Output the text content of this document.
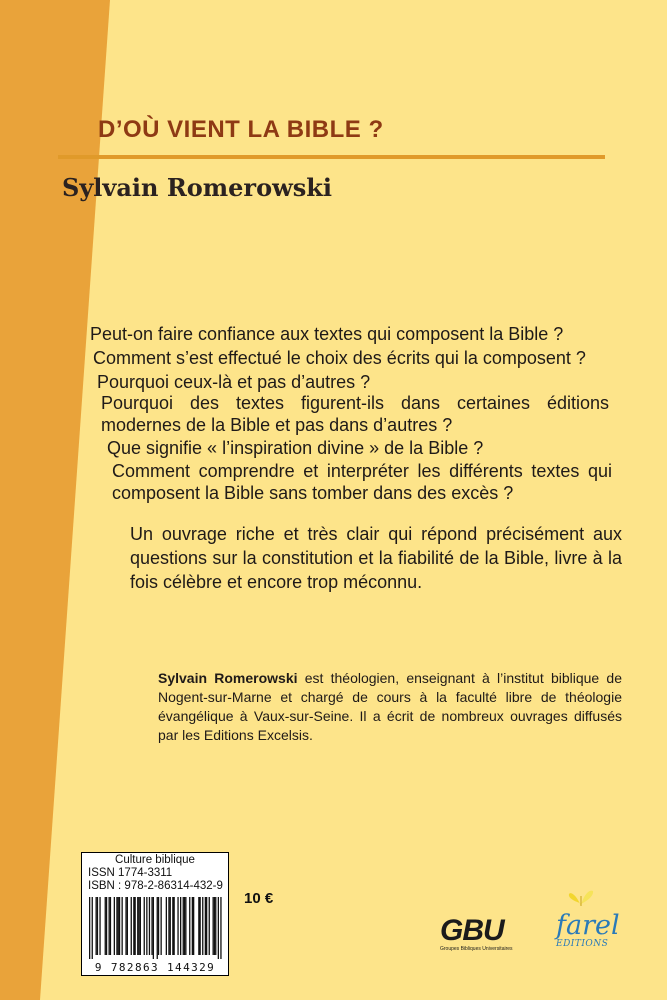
D’OÙ VIENT LA BIBLE ?
Sylvain Romerowski

Peut-on faire confiance aux textes qui composent la Bible ?

Comment s’est effectué le choix des écrits qui la composent ?

Pourquoi ceux-là et pas d’autres ?

Pourquoi des textes figurent-ils dans certaines éditions modernes de la Bible et pas dans d’autres ?

Que signifie « l’inspiration divine » de la Bible ?

Comment comprendre et interpréter les différents textes qui composent la Bible sans tomber dans des excès ?

Un ouvrage riche et très clair qui répond précisément aux questions sur la constitution et la fiabilité de la Bible, livre à la fois célèbre et encore trop méconnu.

Sylvain Romerowski est théologien, enseignant à l’institut biblique de Nogent-sur-Marne et chargé de cours à la faculté libre de théologie évangélique à Vaux-sur-Seine. Il a écrit de nombreux ouvrages diffusés par les Editions Excelsis.

Culture biblique
ISSN 1774-3311
ISBN : 978-2-86314-432-9
9 782863 144329

10 €

GBU
Groupes Bibliques Universitaires
farel
EDITIONS
